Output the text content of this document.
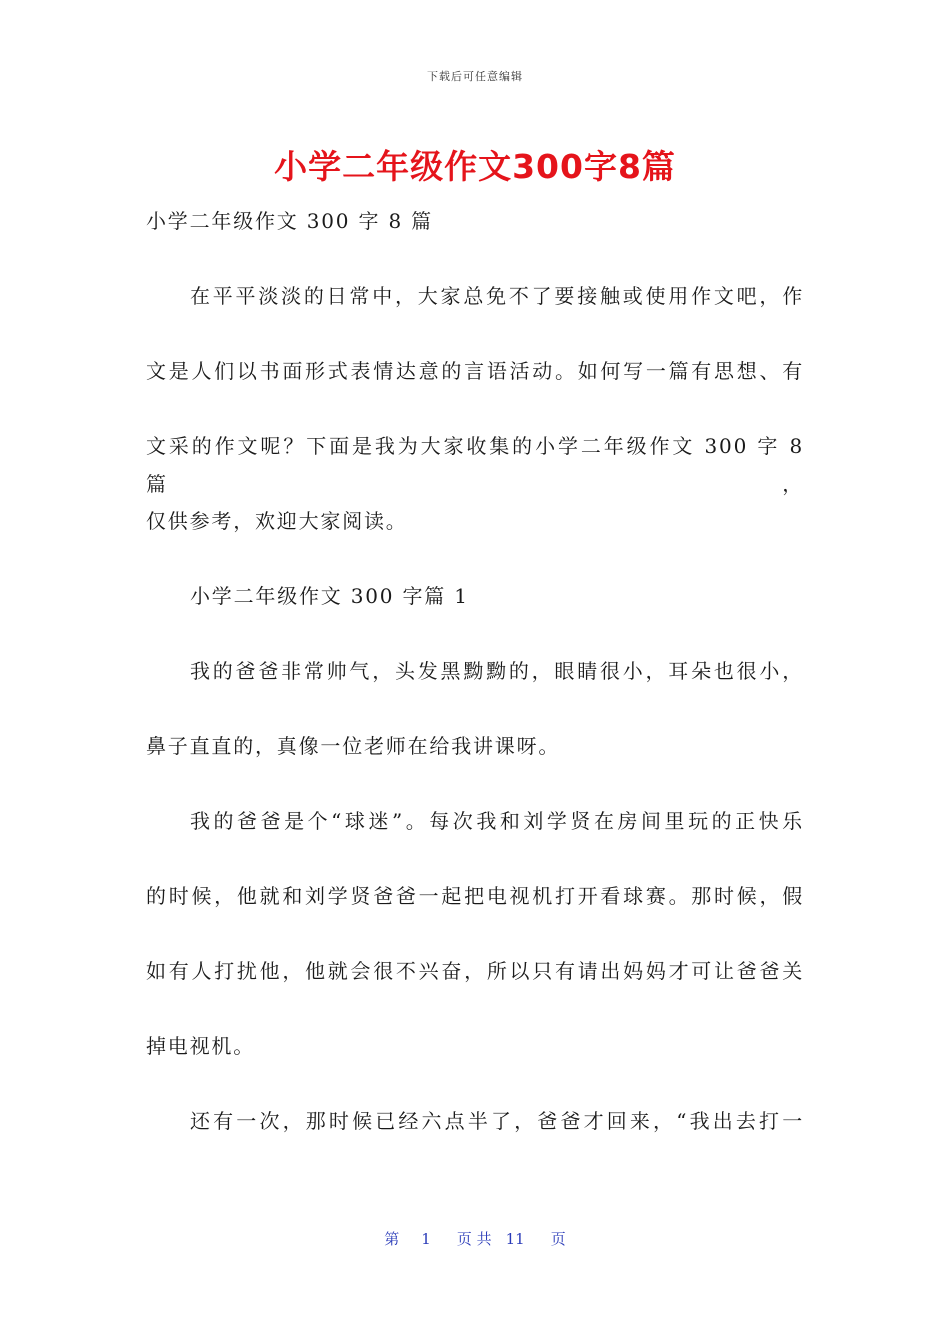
下载后可任意编辑
小学二年级作文300字8篇
小学二年级作文 300 字 8 篇
在平平淡淡的日常中，大家总免不了要接触或使用作文吧，作
文是人们以书面形式表情达意的言语活动。如何写一篇有思想、有
文采的作文呢？下面是我为大家收集的小学二年级作文 300 字 8 篇，
仅供参考，欢迎大家阅读。
小学二年级作文 300 字篇 1
我的爸爸非常帅气，头发黑黝黝的，眼睛很小，耳朵也很小，
鼻子直直的，真像一位老师在给我讲课呀。
我的爸爸是个“球迷”。每次我和刘学贤在房间里玩的正快乐
的时候，他就和刘学贤爸爸一起把电视机打开看球赛。那时候，假
如有人打扰他，他就会很不兴奋，所以只有请出妈妈才可让爸爸关
掉电视机。
还有一次，那时候已经六点半了，爸爸才回来，“我出去打一
第 1 页 共 11 页
